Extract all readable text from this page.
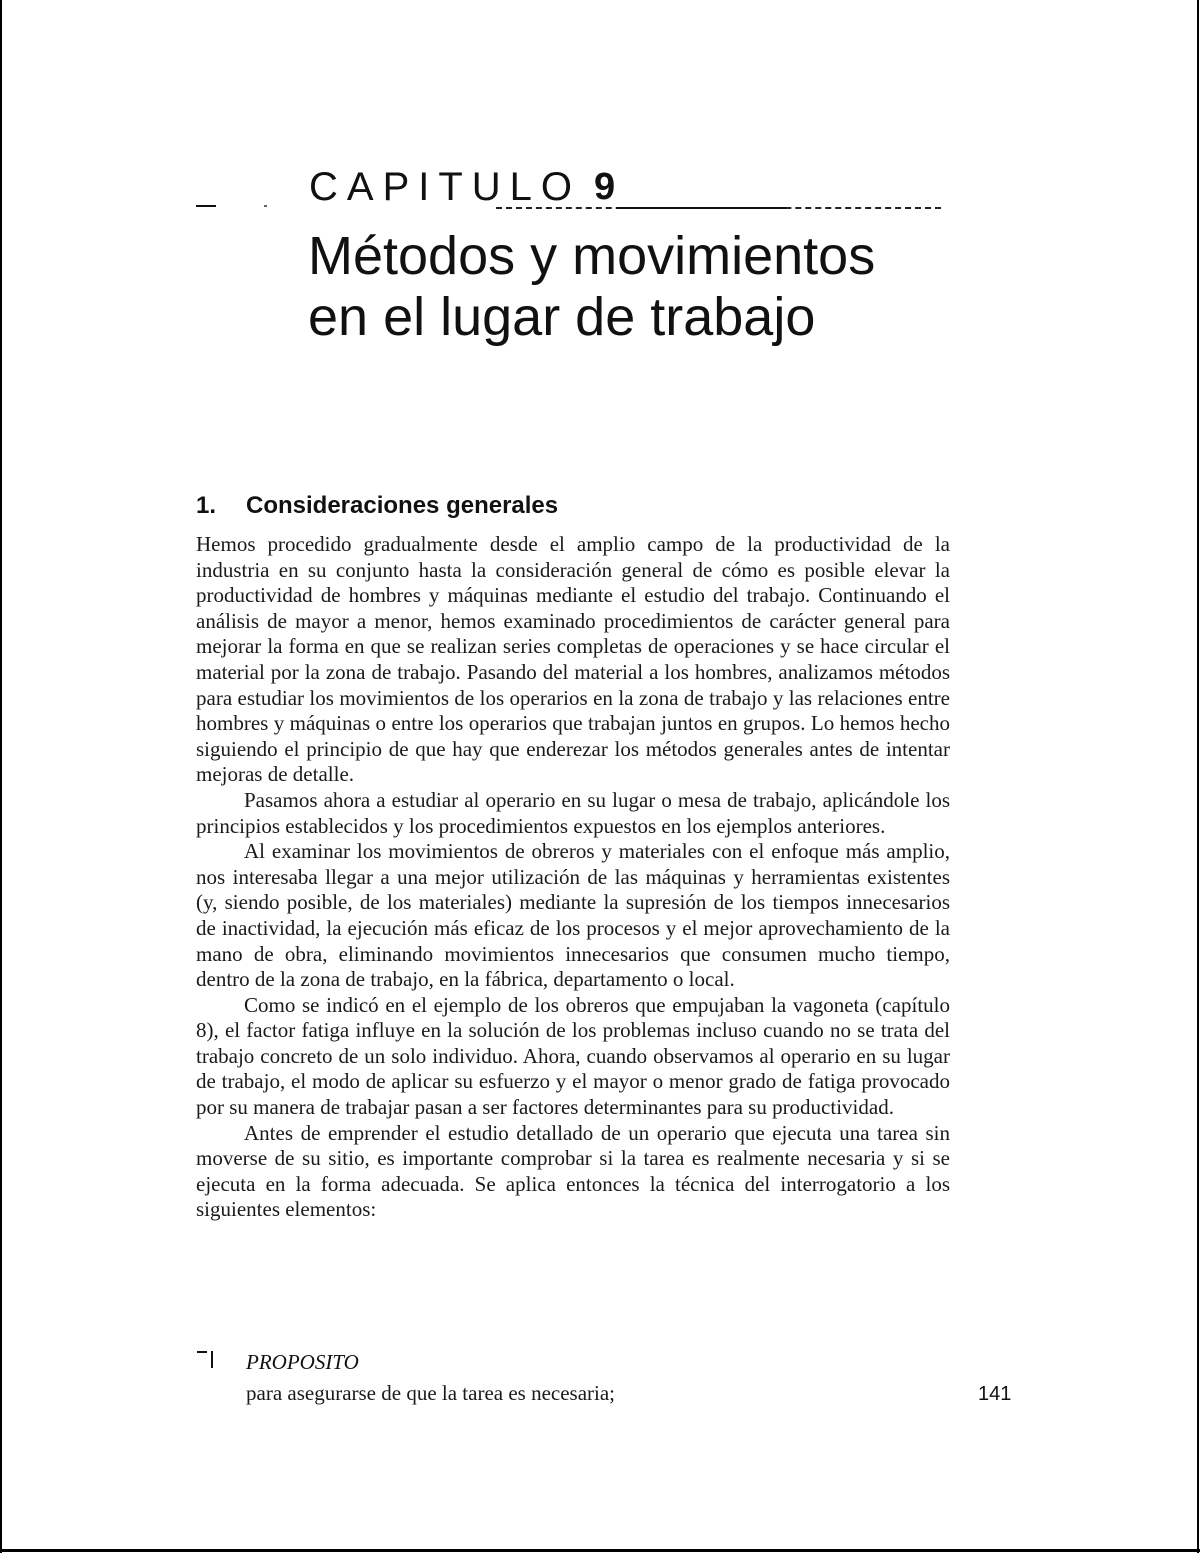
CAPITULO 9
Métodos y movimientos
en el lugar de trabajo
1. Consideraciones generales

Hemos procedido gradualmente desde el amplio campo de la productividad de la industria en su conjunto hasta la consideración general de cómo es posible elevar la productividad de hombres y máquinas mediante el estudio del trabajo. Continuando el análisis de mayor a menor, hemos examinado procedimientos de carácter general para mejorar la forma en que se realizan series completas de operaciones y se hace circular el material por la zona de trabajo. Pasando del material a los hombres, analizamos métodos para estudiar los movimientos de los operarios en la zona de trabajo y las relaciones entre hombres y máquinas o entre los operarios que trabajan juntos en grupos. Lo hemos hecho siguiendo el principio de que hay que enderezar los métodos generales antes de intentar mejoras de detalle.

Pasamos ahora a estudiar al operario en su lugar o mesa de trabajo, aplicándole los principios establecidos y los procedimientos expuestos en los ejemplos anteriores.

Al examinar los movimientos de obreros y materiales con el enfoque más amplio, nos interesaba llegar a una mejor utilización de las máquinas y herramientas existentes (y, siendo posible, de los materiales) mediante la supresión de los tiempos innecesarios de inactividad, la ejecución más eficaz de los procesos y el mejor aprovechamiento de la mano de obra, eliminando movimientos innecesarios que consumen mucho tiempo, dentro de la zona de trabajo, en la fábrica, departamento o local.

Como se indicó en el ejemplo de los obreros que empujaban la vagoneta (capítulo 8), el factor fatiga influye en la solución de los problemas incluso cuando no se trata del trabajo concreto de un solo individuo. Ahora, cuando observamos al operario en su lugar de trabajo, el modo de aplicar su esfuerzo y el mayor o menor grado de fatiga provocado por su manera de trabajar pasan a ser factores determinantes para su productividad.

Antes de emprender el estudio detallado de un operario que ejecuta una tarea sin moverse de su sitio, es importante comprobar si la tarea es realmente necesaria y si se ejecuta en la forma adecuada. Se aplica entonces la técnica del interrogatorio a los siguientes elementos:

PROPOSITO
para asegurarse de que la tarea es necesaria;	141
